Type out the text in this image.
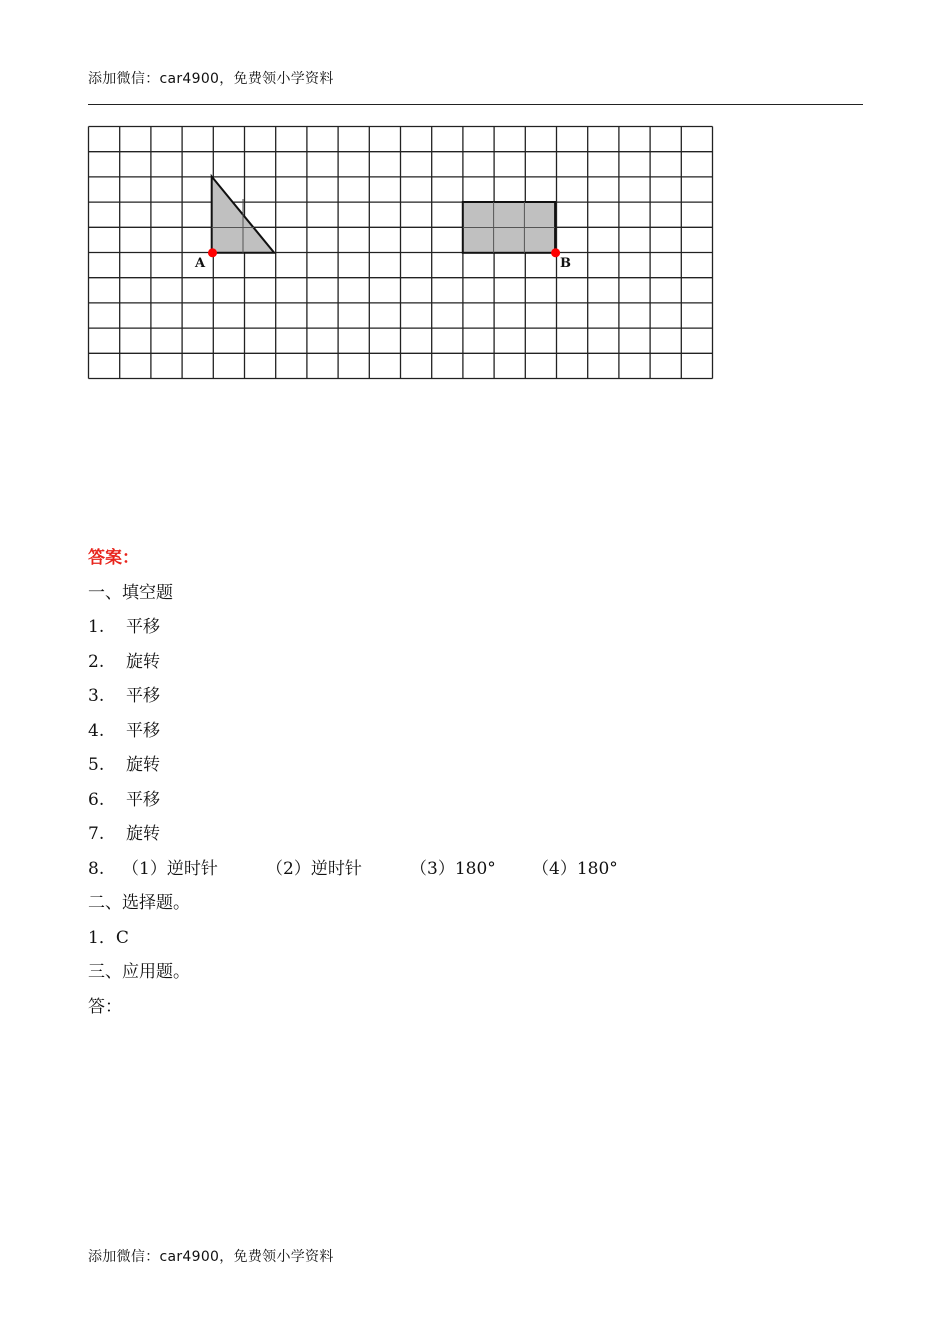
添加微信：car4900，免费领小学资料
A	B
答案：
一、填空题
1. 平移
2. 旋转
3. 平移
4. 平移
5. 旋转
6. 平移
7. 旋转
8. （1）逆时针	（2）逆时针	（3）180° （4）180°
二、选择题。
1．C
三、应用题。
答：
添加微信：car4900，免费领小学资料
